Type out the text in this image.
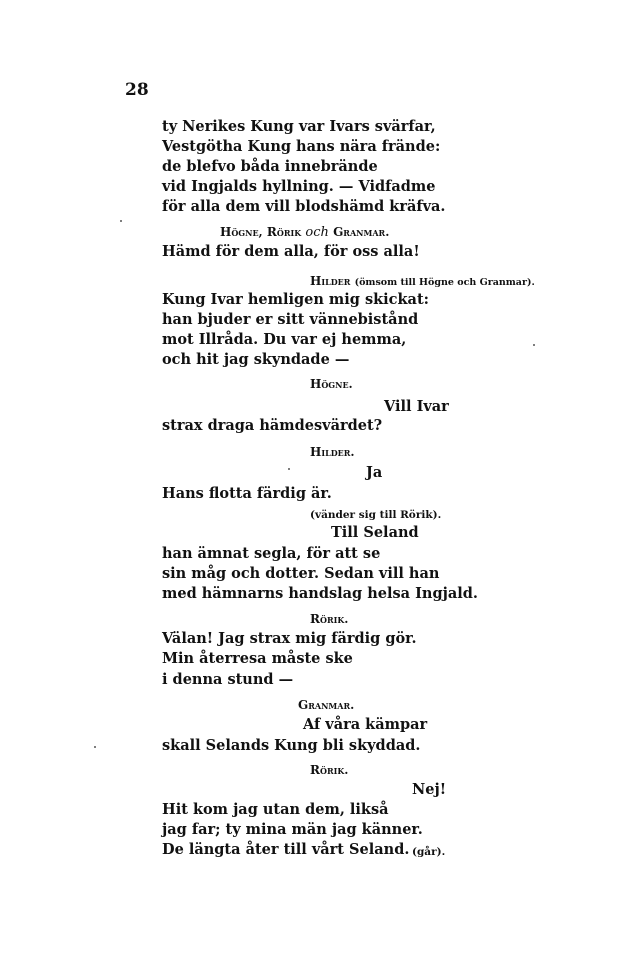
28
ty Nerikes Kung var Ivars svärfar,
Vestgötha Kung hans nära frände:
de blefvo båda innebrände
vid Ingjalds hyllning. — Vidfadme
för alla dem vill blodshämd kräfva.
Högne, Rörik och Granmar.
Hämd för dem alla, för oss alla!
Hilder (ömsom till Högne och Granmar).
Kung Ivar hemligen mig skickat:
han bjuder er sitt vännebistånd
mot Illråda. Du var ej hemma,
och hit jag skyndade —
Högne.
Vill Ivar
strax draga hämdesvärdet?
Hilder.
Ja
Hans flotta färdig är.
(vänder sig till Rörik).
Till Seland
han ämnat segla, för att se
sin måg och dotter. Sedan vill han
med hämnarns handslag helsa Ingjald.
Rörik.
Välan! Jag strax mig färdig gör.
Min återresa måste ske
i denna stund —
Granmar.
Af våra kämpar
skall Selands Kung bli skyddad.
Rörik.
Nej!
Hit kom jag utan dem, likså
jag far; ty mina män jag känner.
De längta åter till vårt Seland. (går).
